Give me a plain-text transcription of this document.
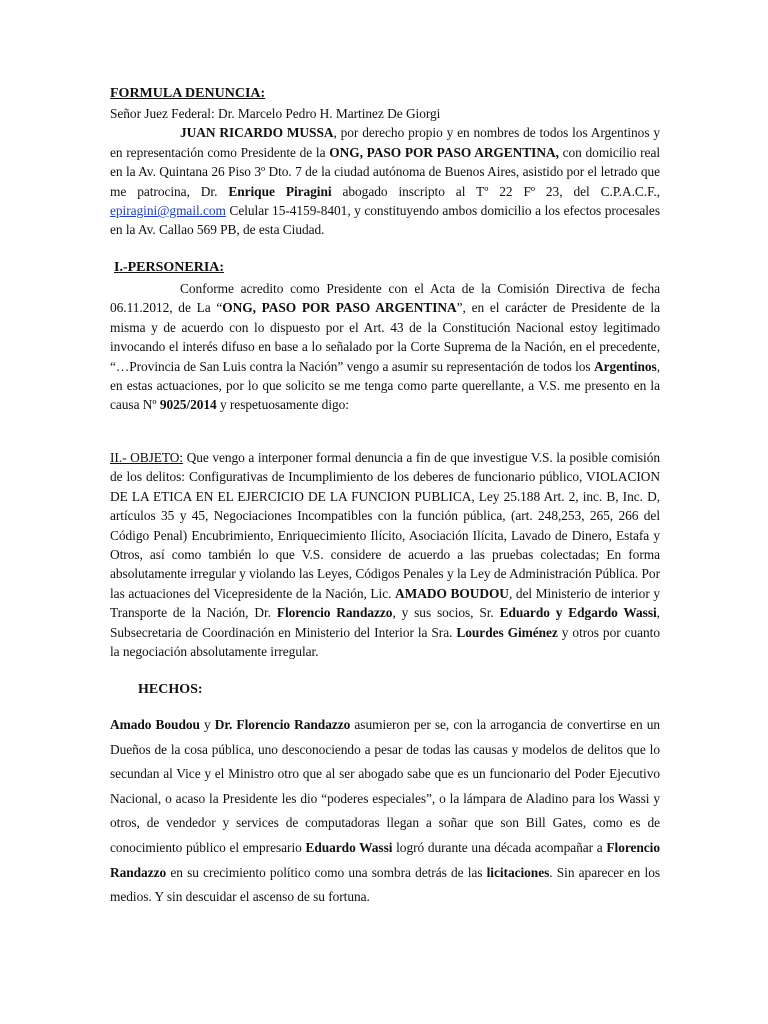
FORMULA DENUNCIA:
Señor Juez Federal: Dr. Marcelo Pedro H. Martinez De Giorgi
JUAN RICARDO MUSSA, por derecho propio y en nombres de todos los Argentinos y en representación como Presidente de la ONG, PASO POR PASO ARGENTINA, con domicilio real en la Av. Quintana 26 Piso 3º Dto. 7 de la ciudad autónoma de Buenos Aires, asistido por el letrado que me patrocina, Dr. Enrique Piragini abogado inscripto al Tº 22 Fº 23, del C.P.A.C.F., epiragini@gmail.com Celular 15-4159-8401, y constituyendo ambos domicilio a los efectos procesales en la Av. Callao 569 PB, de esta Ciudad.
I.-PERSONERIA:
Conforme acredito como Presidente con el Acta de la Comisión Directiva de fecha 06.11.2012, de La “ONG, PASO POR PASO ARGENTINA”, en el carácter de Presidente de la misma y de acuerdo con lo dispuesto por el Art. 43 de la Constitución Nacional estoy legitimado invocando el interés difuso en base a lo señalado por la Corte Suprema de la Nación, en el precedente, “…Provincia de San Luis contra la Nación” vengo a asumir su representación de todos los Argentinos, en estas actuaciones, por lo que solicito se me tenga como parte querellante, a V.S. me presento en la causa Nº 9025/2014 y respetuosamente digo:
II.- OBJETO: Que vengo a interponer formal denuncia a fin de que investigue V.S. la posible comisión de los delitos: Configurativas de Incumplimiento de los deberes de funcionario público, VIOLACION DE LA ETICA EN EL EJERCICIO DE LA FUNCION PUBLICA, Ley 25.188 Art. 2, inc. B, Inc. D, artículos 35 y 45, Negociaciones Incompatibles con la función pública, (art. 248,253, 265, 266 del Código Penal) Encubrimiento, Enriquecimiento Ilícito, Asociación Ilícita, Lavado de Dinero, Estafa y Otros, así como también lo que V.S. considere de acuerdo a las pruebas colectadas; En forma absolutamente irregular y violando las Leyes, Códigos Penales y la Ley de Administración Pública. Por las actuaciones del Vicepresidente de la Nación, Lic. AMADO BOUDOU, del Ministerio de interior y Transporte de la Nación, Dr. Florencio Randazzo, y sus socios, Sr. Eduardo y Edgardo Wassi, Subsecretaria de Coordinación en Ministerio del Interior la Sra. Lourdes Giménez y otros por cuanto la negociación absolutamente irregular.
HECHOS:
Amado Boudou y Dr. Florencio Randazzo asumieron per se, con la arrogancia de convertirse en un Dueños de la cosa pública, uno desconociendo a pesar de todas las causas y modelos de delitos que lo secundan al Vice y el Ministro otro que al ser abogado sabe que es un funcionario del Poder Ejecutivo Nacional, o acaso la Presidente les dio “poderes especiales”, o la lámpara de Aladino para los Wassi y otros, de vendedor y services de computadoras llegan a soñar que son Bill Gates, como es de conocimiento público el empresario Eduardo Wassi logró durante una década acompañar a Florencio Randazzo en su crecimiento político como una sombra detrás de las licitaciones. Sin aparecer en los medios. Y sin descuidar el ascenso de su fortuna.
